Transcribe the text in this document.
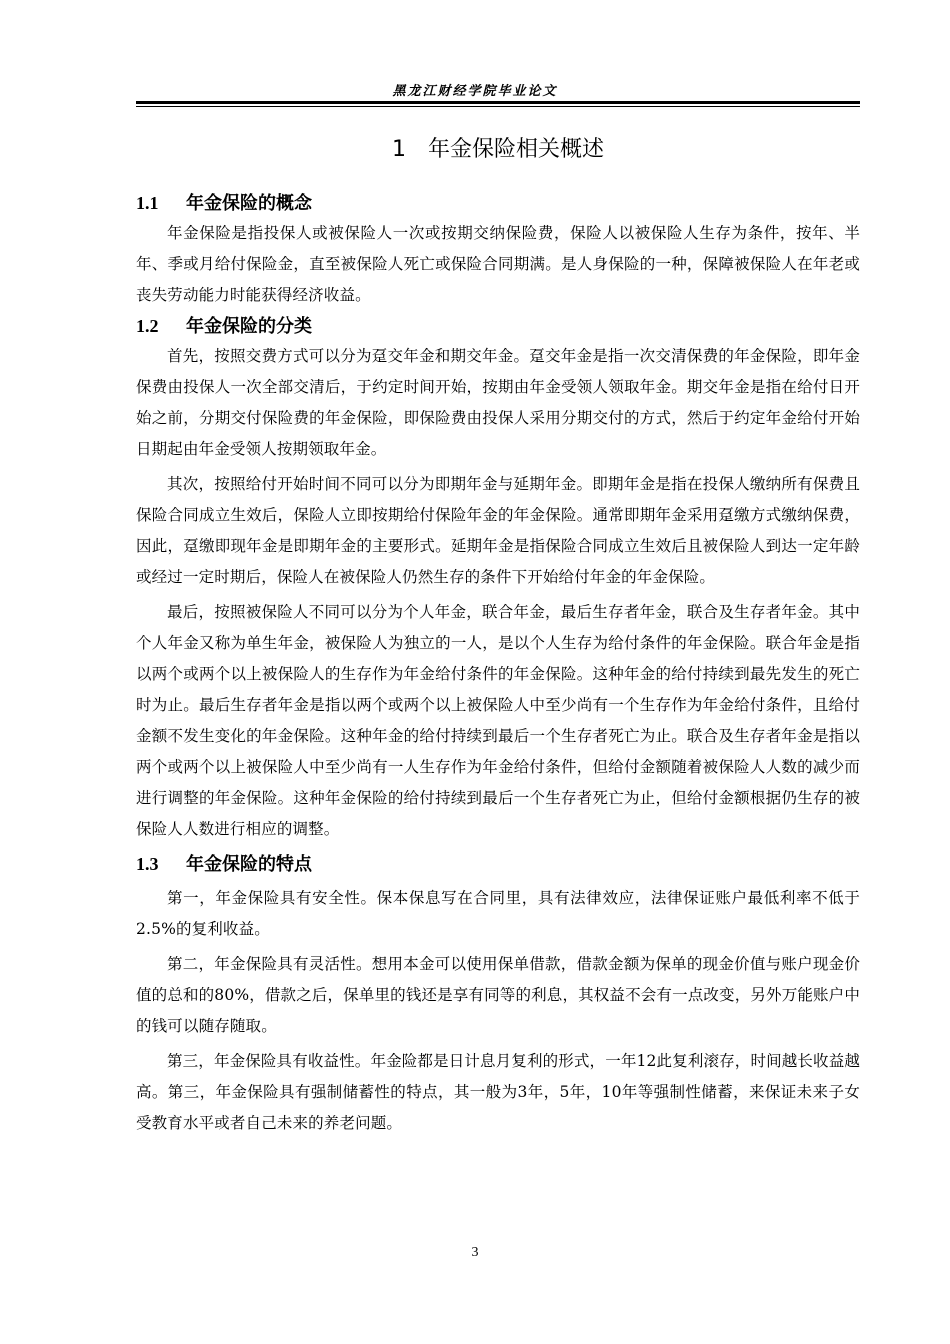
黑龙江财经学院毕业论文
1 年金保险相关概述
1.1 年金保险的概念

年金保险是指投保人或被保险人一次或按期交纳保险费，保险人以被保险人生存为条件，按年、半年、季或月给付保险金，直至被保险人死亡或保险合同期满。是人身保险的一种，保障被保险人在年老或丧失劳动能力时能获得经济收益。

1.2 年金保险的分类

首先，按照交费方式可以分为趸交年金和期交年金。趸交年金是指一次交清保费的年金保险，即年金保费由投保人一次全部交清后，于约定时间开始，按期由年金受领人领取年金。期交年金是指在给付日开始之前，分期交付保险费的年金保险，即保险费由投保人采用分期交付的方式，然后于约定年金给付开始日期起由年金受领人按期领取年金。

其次，按照给付开始时间不同可以分为即期年金与延期年金。即期年金是指在投保人缴纳所有保费且保险合同成立生效后，保险人立即按期给付保险年金的年金保险。通常即期年金采用趸缴方式缴纳保费，因此，趸缴即现年金是即期年金的主要形式。延期年金是指保险合同成立生效后且被保险人到达一定年龄或经过一定时期后，保险人在被保险人仍然生存的条件下开始给付年金的年金保险。

最后，按照被保险人不同可以分为个人年金，联合年金，最后生存者年金，联合及生存者年金。其中个人年金又称为单生年金，被保险人为独立的一人，是以个人生存为给付条件的年金保险。联合年金是指以两个或两个以上被保险人的生存作为年金给付条件的年金保险。这种年金的给付持续到最先发生的死亡时为止。最后生存者年金是指以两个或两个以上被保险人中至少尚有一个生存作为年金给付条件，且给付金额不发生变化的年金保险。这种年金的给付持续到最后一个生存者死亡为止。联合及生存者年金是指以两个或两个以上被保险人中至少尚有一人生存作为年金给付条件，但给付金额随着被保险人人数的减少而进行调整的年金保险。这种年金保险的给付持续到最后一个生存者死亡为止，但给付金额根据仍生存的被保险人人数进行相应的调整。

1.3 年金保险的特点

第一，年金保险具有安全性。保本保息写在合同里，具有法律效应，法律保证账户最低利率不低于2.5%的复利收益。

第二，年金保险具有灵活性。想用本金可以使用保单借款，借款金额为保单的现金价值与账户现金价值的总和的80%，借款之后，保单里的钱还是享有同等的利息，其权益不会有一点改变，另外万能账户中的钱可以随存随取。

第三，年金保险具有收益性。年金险都是日计息月复利的形式，一年12此复利滚存，时间越长收益越高。第三，年金保险具有强制储蓄性的特点，其一般为3年，5年，10年等强制性储蓄，来保证未来子女受教育水平或者自己未来的养老问题。

3
